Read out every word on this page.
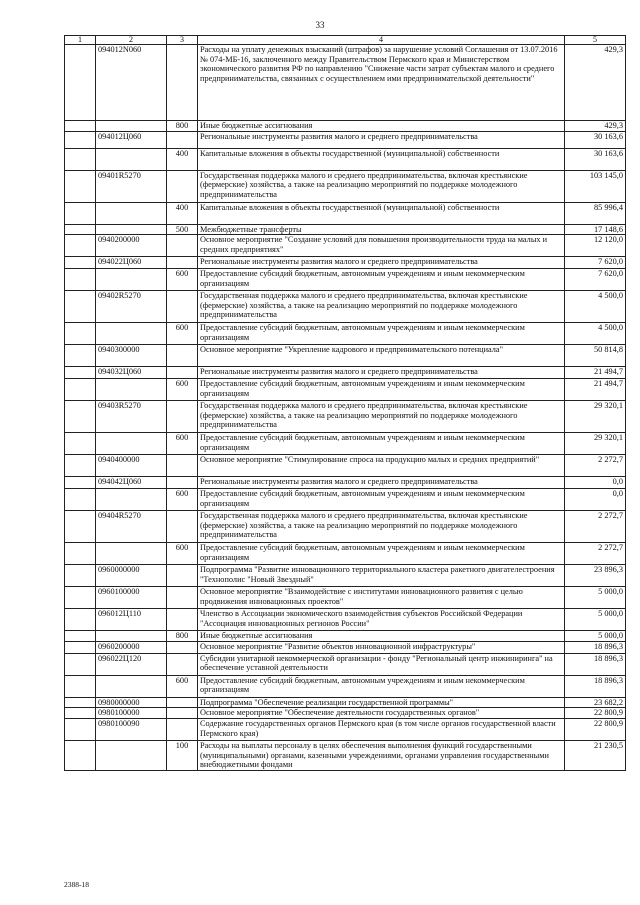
33
1	2	3	4	5
	094012N060		Расходы на уплату денежных взысканий (штрафов) за нарушение условий Соглашения от 13.07.2016 № 074-МБ-16, заключенного между Правительством Пермского края и Министерством экономического развития РФ по направлению "Снижение части затрат субъектам малого и среднего предпринимательства, связанных с осуществлением ими предпринимательской деятельности"	429,3
		800	Иные бюджетные ассигнования	429,3
	094012Ц060		Региональные инструменты развития малого и среднего предпринимательства	30 163,6
		400	Капитальные вложения в объекты государственной (муниципальной) собственности	30 163,6
	09401R5270		Государственная поддержка малого и среднего предпринимательства, включая крестьянские (фермерские) хозяйства, а также на реализацию мероприятий по поддержке молодежного предпринимательства	103 145,0
		400	Капитальные вложения в объекты государственной (муниципальной) собственности	85 996,4
		500	Межбюджетные трансферты	17 148,6
	0940200000		Основное мероприятие "Создание условий для повышения производительности труда на малых и средних предприятиях"	12 120,0
	094022Ц060		Региональные инструменты развития малого и среднего предпринимательства	7 620,0
		600	Предоставление субсидий бюджетным, автономным учреждениям и иным некоммерческим организациям	7 620,0
	09402R5270		Государственная поддержка малого и среднего предпринимательства, включая крестьянские (фермерские) хозяйства, а также на реализацию мероприятий по поддержке молодежного предпринимательства	4 500,0
		600	Предоставление субсидий бюджетным, автономным учреждениям и иным некоммерческим организациям	4 500,0
	0940300000		Основное мероприятие "Укрепление кадрового и предпринимательского потенциала"	50 814,8
	094032Ц060		Региональные инструменты развития малого и среднего предпринимательства	21 494,7
		600	Предоставление субсидий бюджетным, автономным учреждениям и иным некоммерческим организациям	21 494,7
	09403R5270		Государственная поддержка малого и среднего предпринимательства, включая крестьянские (фермерские) хозяйства, а также на реализацию мероприятий по поддержке молодежного предпринимательства	29 320,1
		600	Предоставление субсидий бюджетным, автономным учреждениям и иным некоммерческим организациям	29 320,1
	0940400000		Основное мероприятие "Стимулирование спроса на продукцию малых и средних предприятий"	2 272,7
	094042Ц060		Региональные инструменты развития малого и среднего предпринимательства	0,0
		600	Предоставление субсидий бюджетным, автономным учреждениям и иным некоммерческим организациям	0,0
	09404R5270		Государственная поддержка малого и среднего предпринимательства, включая крестьянские (фермерские) хозяйства, а также на реализацию мероприятий по поддержке молодежного предпринимательства	2 272,7
		600	Предоставление субсидий бюджетным, автономным учреждениям и иным некоммерческим организациям	2 272,7
	0960000000		Подпрограмма "Развитие инновационного территориального кластера ракетного двигателестроения "Технополис "Новый Звездный"	23 896,3
	0960100000		Основное мероприятие "Взаимодействие с институтами инновационного развития с целью продвижения инновационных проектов"	5 000,0
	096012Ц110		Членство в Ассоциации экономического взаимодействия субъектов Российской Федерации "Ассоциация инновационных регионов России"	5 000,0
		800	Иные бюджетные ассигнования	5 000,0
	0960200000		Основное мероприятие "Развитие объектов инновационной инфраструктуры"	18 896,3
	096022Ц120		Субсидии унитарной некоммерческой организации - фонду "Региональный центр инжиниринга" на обеспечение уставной деятельности	18 896,3
		600	Предоставление субсидий бюджетным, автономным учреждениям и иным некоммерческим организациям	18 896,3
	0980000000		Подпрограмма "Обеспечение реализации государственной программы"	23 682,2
	0980100000		Основное мероприятие "Обеспечение деятельности государственных органов"	22 800,9
	0980100090		Содержание государственных органов Пермского края (в том числе органов государственной власти Пермского края)	22 800,9
		100	Расходы на выплаты персоналу в целях обеспечения выполнения функций государственными (муниципальными) органами, казенными учреждениями, органами управления государственными внебюджетными фондами	21 230,5
2388-18
